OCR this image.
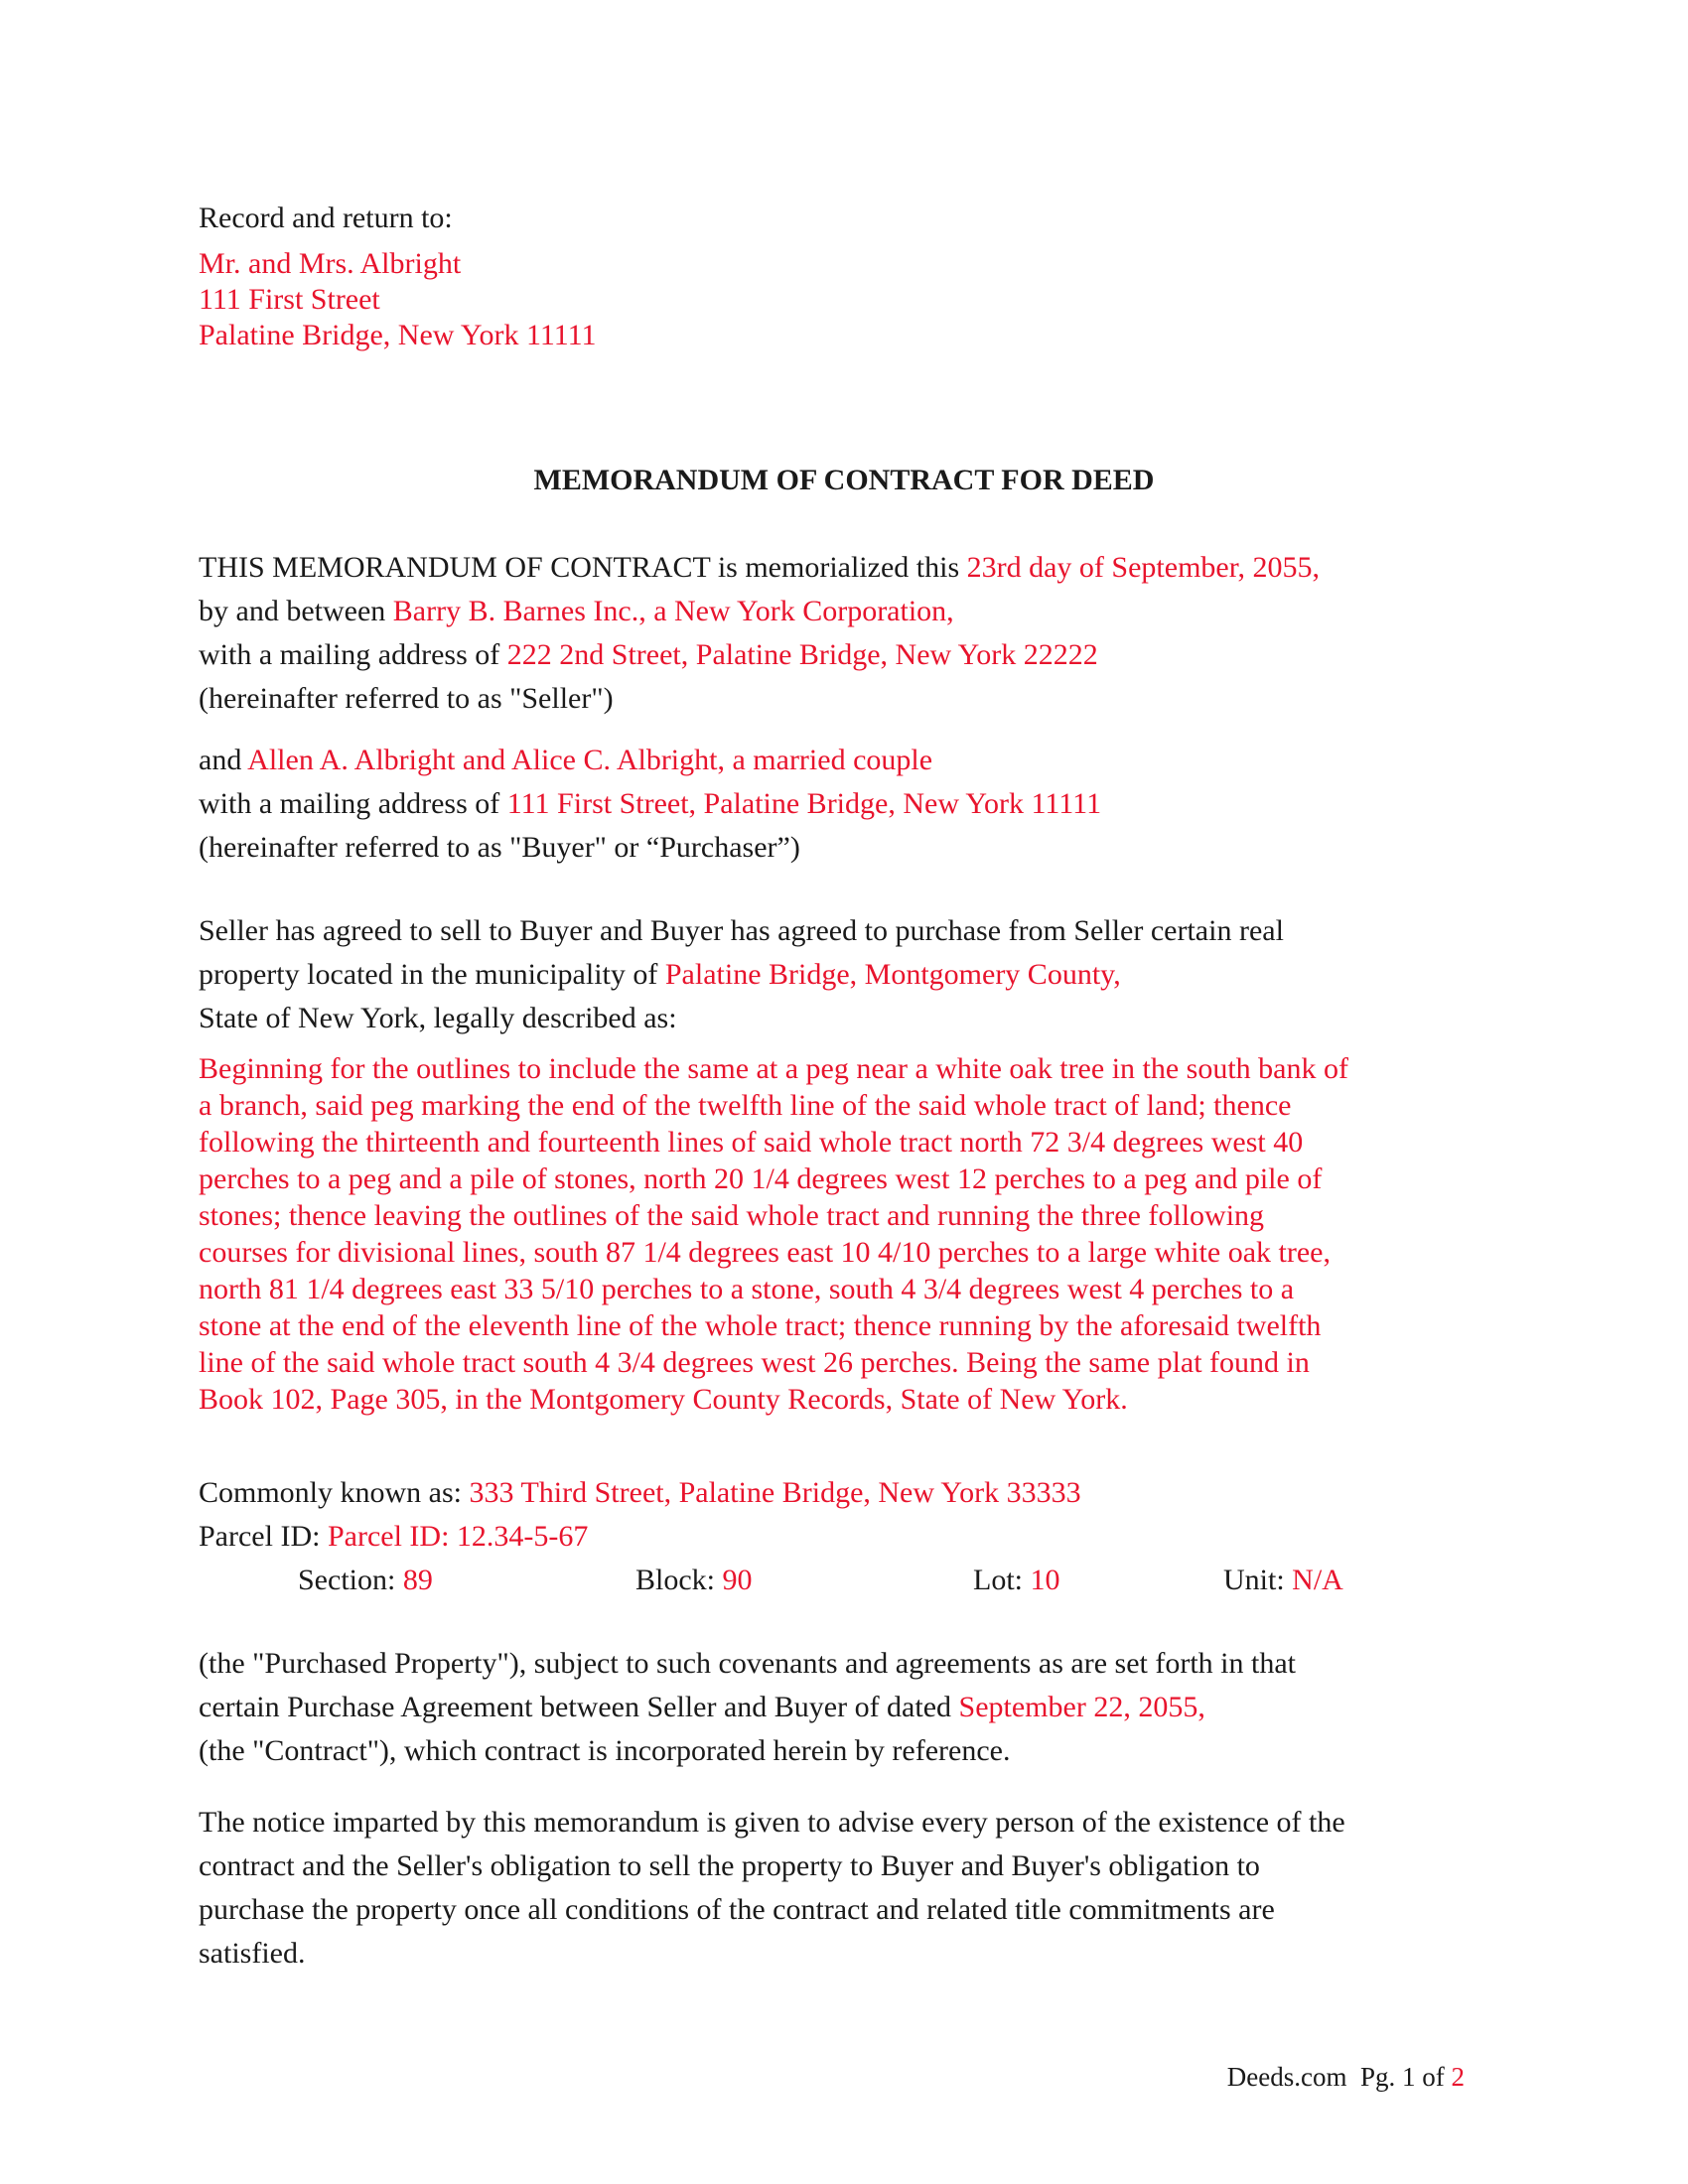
Record and return to:
Mr. and Mrs. Albright
111 First Street
Palatine Bridge, New York 11111
MEMORANDUM OF CONTRACT FOR DEED
THIS MEMORANDUM OF CONTRACT is memorialized this 23rd day of September, 2055,
by and between Barry B. Barnes Inc., a New York Corporation,
with a mailing address of 222 2nd Street, Palatine Bridge, New York 22222
(hereinafter referred to as "Seller")
and Allen A. Albright and Alice C. Albright, a married couple
with a mailing address of 111 First Street, Palatine Bridge, New York 11111
(hereinafter referred to as "Buyer" or “Purchaser”)
Seller has agreed to sell to Buyer and Buyer has agreed to purchase from Seller certain real
property located in the municipality of Palatine Bridge, Montgomery County,
State of New York, legally described as:
Beginning for the outlines to include the same at a peg near a white oak tree in the south bank of
a branch, said peg marking the end of the twelfth line of the said whole tract of land; thence
following the thirteenth and fourteenth lines of said whole tract north 72 3/4 degrees west 40
perches to a peg and a pile of stones, north 20 1/4 degrees west 12 perches to a peg and pile of
stones; thence leaving the outlines of the said whole tract and running the three following
courses for divisional lines, south 87 1/4 degrees east 10 4/10 perches to a large white oak tree,
north 81 1/4 degrees east 33 5/10 perches to a stone, south 4 3/4 degrees west 4 perches to a
stone at the end of the eleventh line of the whole tract; thence running by the aforesaid twelfth
line of the said whole tract south 4 3/4 degrees west 26 perches. Being the same plat found in
Book 102, Page 305, in the Montgomery County Records, State of New York.
Commonly known as: 333 Third Street, Palatine Bridge, New York 33333
Parcel ID: Parcel ID: 12.34-5-67
Section: 89	Block: 90	Lot: 10	Unit: N/A
(the "Purchased Property"), subject to such covenants and agreements as are set forth in that
certain Purchase Agreement between Seller and Buyer of dated September 22, 2055,
(the "Contract"), which contract is incorporated herein by reference.
The notice imparted by this memorandum is given to advise every person of the existence of the
contract and the Seller's obligation to sell the property to Buyer and Buyer's obligation to
purchase the property once all conditions of the contract and related title commitments are
satisfied.
Deeds.com Pg. 1 of 2
